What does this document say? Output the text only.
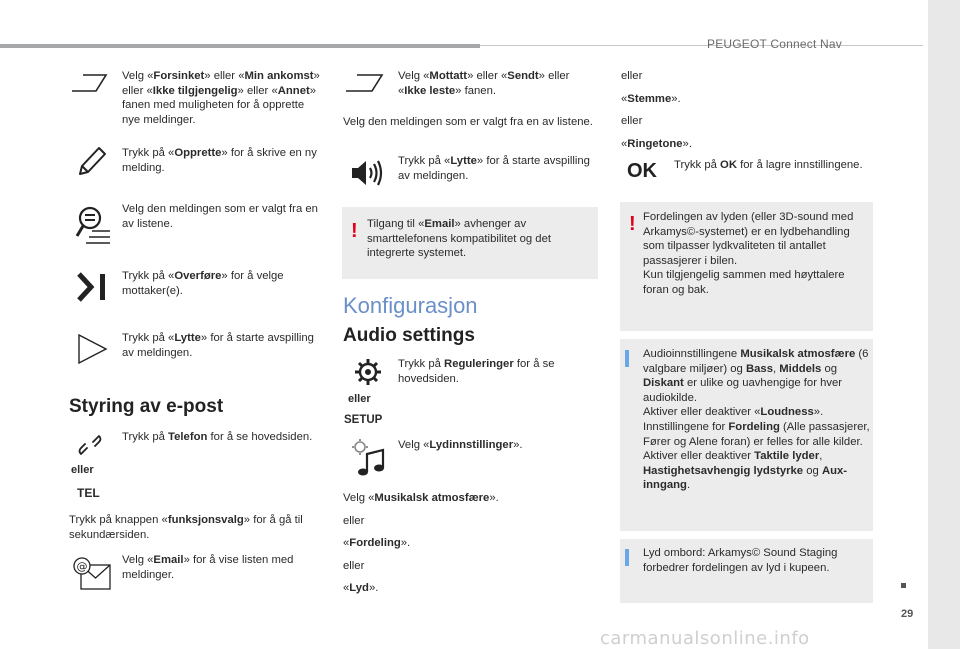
PEUGEOT Connect Nav
29
Velg «Forsinket» eller «Min ankomst» eller «Ikke tilgjengelig» eller «Annet» fanen med muligheten for å opprette nye meldinger.
Trykk på «Opprette» for å skrive en ny melding.
Velg den meldingen som er valgt fra en av listene.
Trykk på «Overføre» for å velge mottaker(e).
Trykk på «Lytte» for å starte avspilling av meldingen.
Styring av e-post
eller
TEL
Trykk på Telefon for å se hovedsiden.
Trykk på knappen «funksjonsvalg» for å gå til sekundærsiden.
@	Velg «Email» for å vise listen med meldinger.
Velg «Mottatt» eller «Sendt» eller «Ikke leste» fanen.
Velg den meldingen som er valgt fra en av listene.
Trykk på «Lytte» for å starte avspilling av meldingen.
! Tilgang til «Email» avhenger av smarttelefonens kompatibilitet og det integrerte systemet.
Konfigurasjon
Audio settings
eller
SETUP
Trykk på Reguleringer for å se hovedsiden.
Velg «Lydinnstillinger».
Velg «Musikalsk atmosfære».
eller
«Fordeling».
eller
«Lyd».
eller
«Stemme».
eller
«Ringetone».
OK Trykk på OK for å lagre innstillingene.
! Fordelingen av lyden (eller 3D-sound med Arkamys©-systemet) er en lydbehandling som tilpasser lydkvaliteten til antallet passasjerer i bilen.
Kun tilgjengelig sammen med høyttalere foran og bak.
Audioinnstillingene Musikalsk atmosfære (6 valgbare miljøer) og Bass, Middels og Diskant er ulike og uavhengige for hver audiokilde.
Aktiver eller deaktiver «Loudness».
Innstillingene for Fordeling (Alle passasjerer, Fører og Alene foran) er felles for alle kilder.
Aktiver eller deaktiver Taktile lyder,
Hastighetsavhengig lydstyrke og Aux-inngang.
Lyd ombord: Arkamys© Sound Staging forbedrer fordelingen av lyd i kupeen.
carmanualsonline.info
